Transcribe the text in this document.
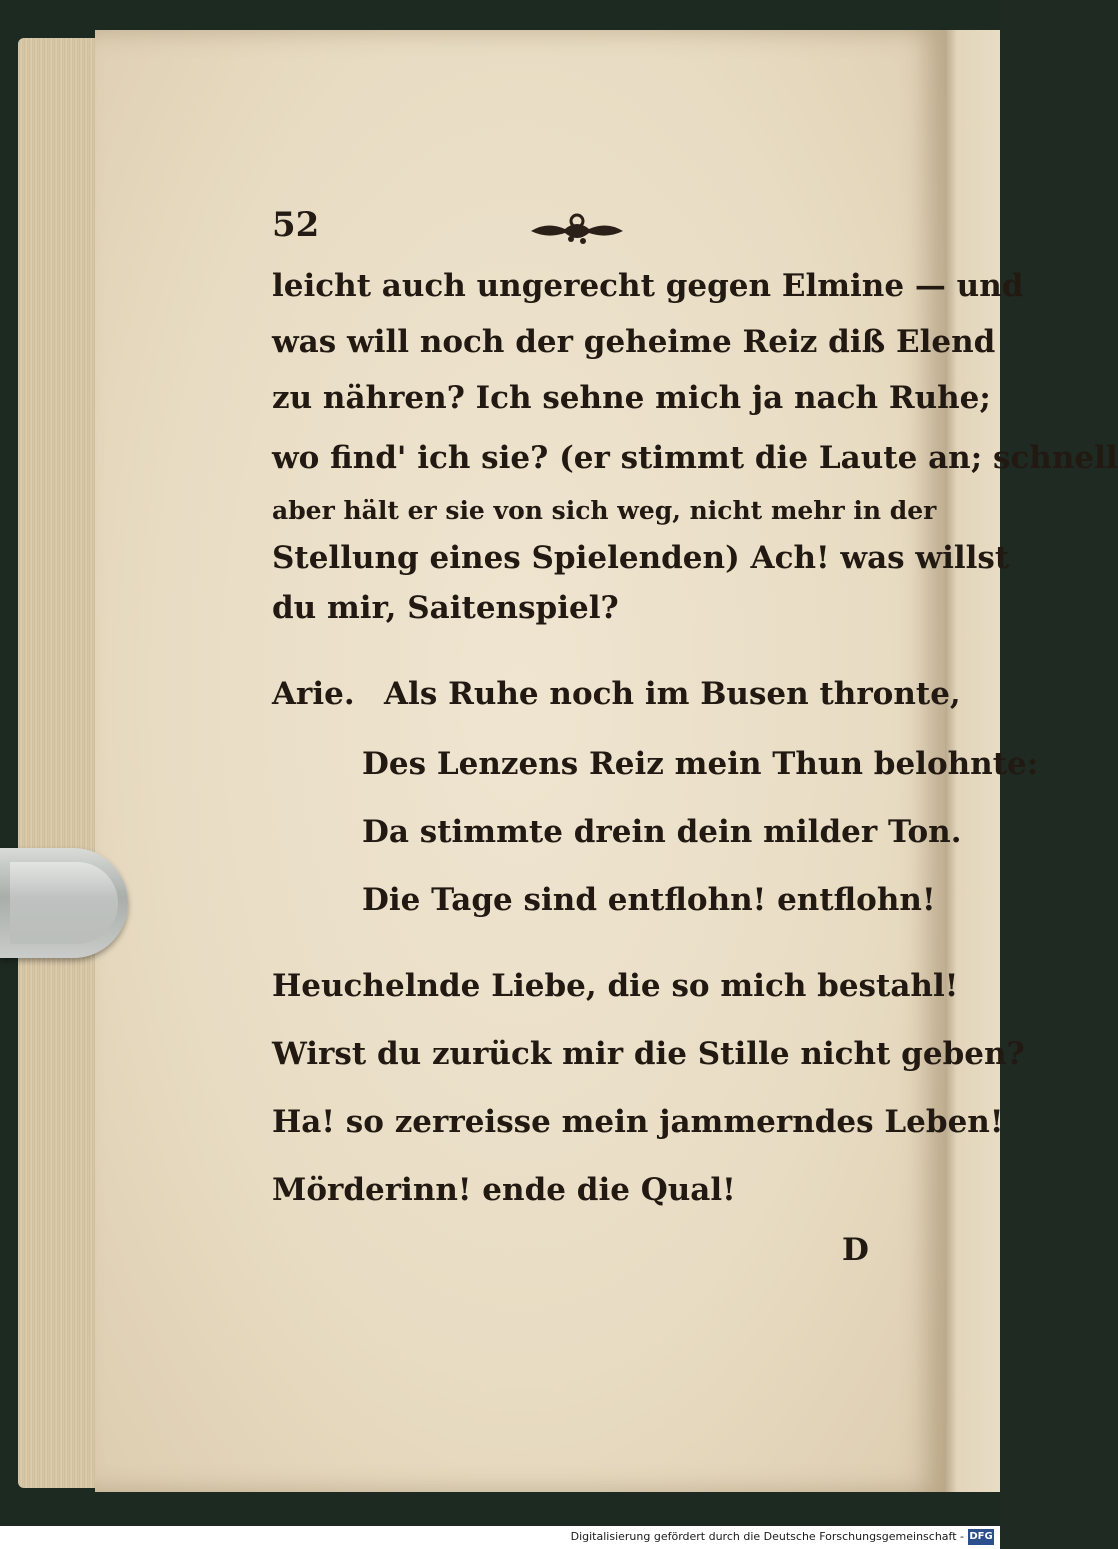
52
leicht auch ungerecht gegen Elmine — und
was will noch der geheime Reiz diß Elend
zu nähren? Ich sehne mich ja nach Ruhe;
wo find' ich sie? (er stimmt die Laute an; schnell
aber hält er sie von sich weg, nicht mehr in der
Stellung eines Spielenden) Ach! was willst
du mir, Saitenspiel?
Arie. Als Ruhe noch im Busen thronte,
Des Lenzens Reiz mein Thun belohnte:
Da stimmte drein dein milder Ton.
Die Tage sind entflohn! entflohn!
Heuchelnde Liebe, die so mich bestahl!
Wirst du zurück mir die Stille nicht geben?
Ha! so zerreisse mein jammerndes Leben!
Mörderinn! ende die Qual!
D
Digitalisierung gefördert durch die Deutsche Forschungsgemeinschaft - DFG
